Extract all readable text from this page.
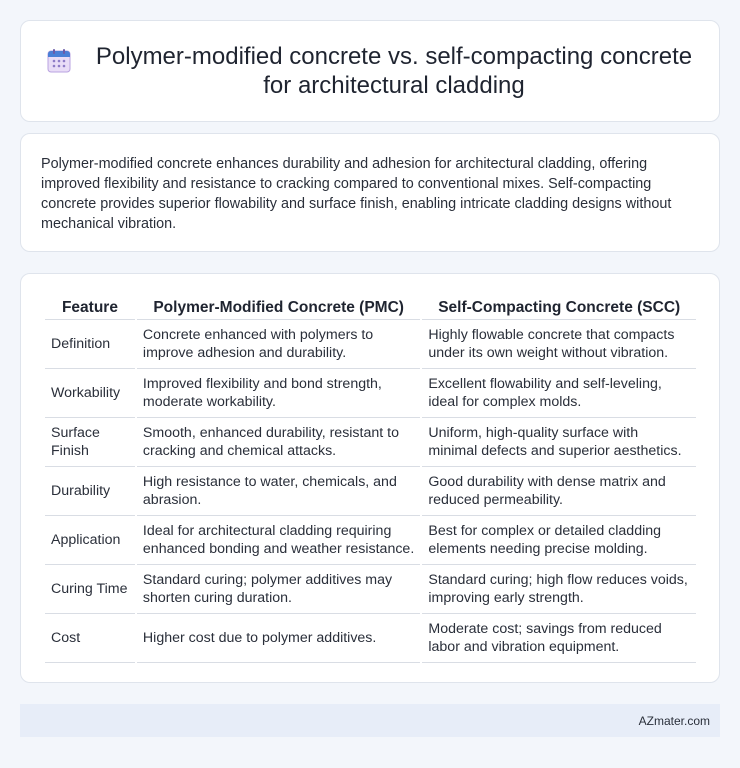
Polymer-modified concrete vs. self-compacting concrete for architectural cladding

Polymer-modified concrete enhances durability and adhesion for architectural cladding, offering improved flexibility and resistance to cracking compared to conventional mixes. Self-compacting concrete provides superior flowability and surface finish, enabling intricate cladding designs without mechanical vibration.

Feature	Polymer-Modified Concrete (PMC)	Self-Compacting Concrete (SCC)
Definition	Concrete enhanced with polymers to improve adhesion and durability.	Highly flowable concrete that compacts under its own weight without vibration.
Workability	Improved flexibility and bond strength, moderate workability.	Excellent flowability and self-leveling, ideal for complex molds.
Surface Finish	Smooth, enhanced durability, resistant to cracking and chemical attacks.	Uniform, high-quality surface with minimal defects and superior aesthetics.
Durability	High resistance to water, chemicals, and abrasion.	Good durability with dense matrix and reduced permeability.
Application	Ideal for architectural cladding requiring enhanced bonding and weather resistance.	Best for complex or detailed cladding elements needing precise molding.
Curing Time	Standard curing; polymer additives may shorten curing duration.	Standard curing; high flow reduces voids, improving early strength.
Cost	Higher cost due to polymer additives.	Moderate cost; savings from reduced labor and vibration equipment.
AZmater.com
